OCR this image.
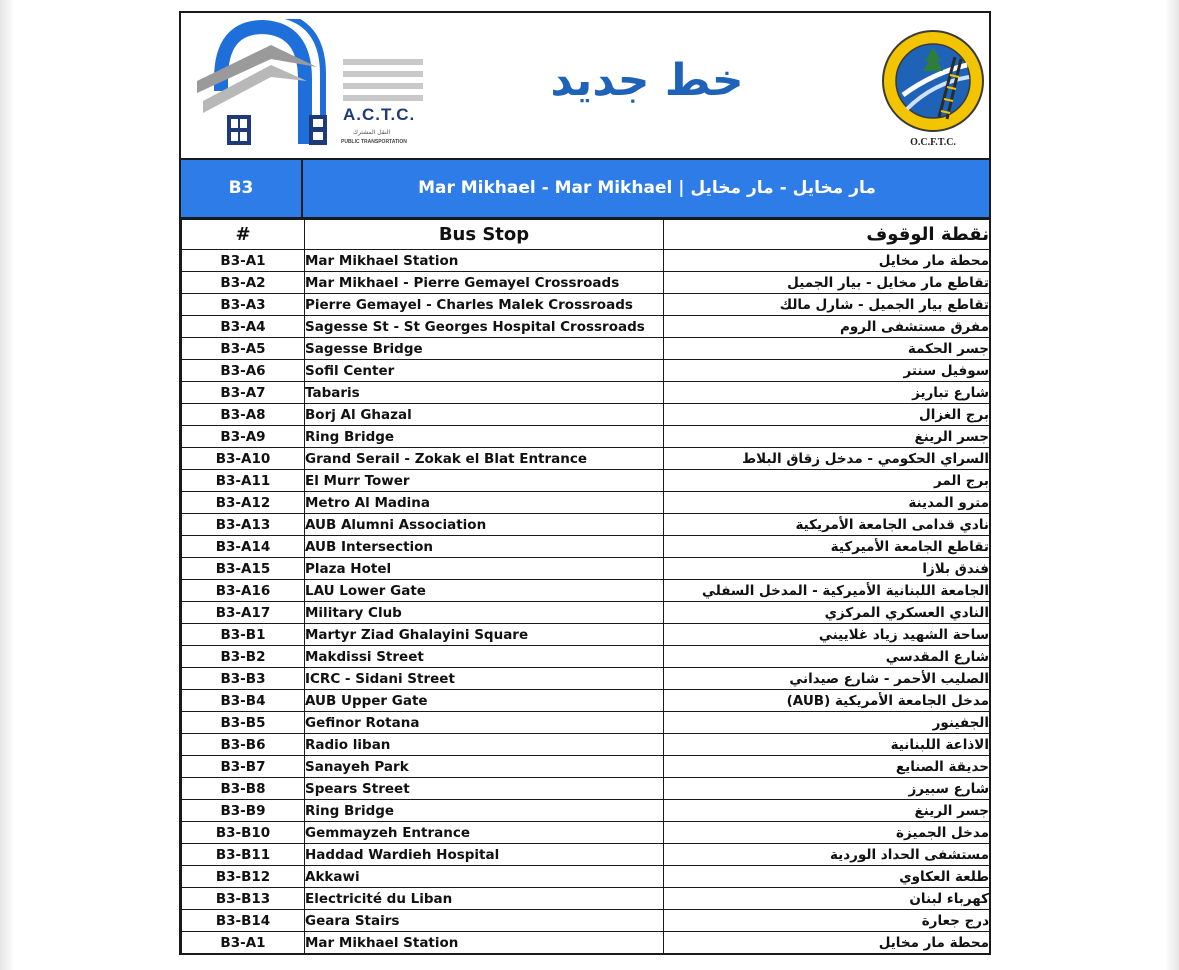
A.C.T.C.
النقل المشترك
PUBLIC TRANSPORTATION
خط جديد
O.C.F.T.C.
B3	Mar Mikhael - Mar Mikhael | مار مخايل - مار مخايل
#	Bus Stop	نقطة الوقوف
B3-A1	Mar Mikhael Station	محطة مار مخايل
B3-A2	Mar Mikhael - Pierre Gemayel Crossroads	تقاطع مار مخايل - بيار الجميل
B3-A3	Pierre Gemayel - Charles Malek Crossroads	تقاطع بيار الجميل - شارل مالك
B3-A4	Sagesse St - St Georges Hospital Crossroads	مفرق مستشفى الروم
B3-A5	Sagesse Bridge	جسر الحكمة
B3-A6	Sofil Center	سوفيل سنتر
B3-A7	Tabaris	شارع تباريز
B3-A8	Borj Al Ghazal	برج الغزال
B3-A9	Ring Bridge	جسر الرينغ
B3-A10	Grand Serail - Zokak el Blat Entrance	السراي الحكومي - مدخل زقاق البلاط
B3-A11	El Murr Tower	برج المر
B3-A12	Metro Al Madina	مترو المدينة
B3-A13	AUB Alumni Association	نادي قدامى الجامعة الأمريكية
B3-A14	AUB Intersection	تقاطع الجامعة الأميركية
B3-A15	Plaza Hotel	فندق بلازا
B3-A16	LAU Lower Gate	الجامعة اللبنانية الأميركية - المدخل السفلي
B3-A17	Military Club	النادي العسكري المركزي
B3-B1	Martyr Ziad Ghalayini Square	ساحة الشهيد زياد غلاييني
B3-B2	Makdissi Street	شارع المقدسي
B3-B3	ICRC - Sidani Street	الصليب الأحمر - شارع صيداني
B3-B4	AUB Upper Gate	مدخل الجامعة الأمريكية (AUB)
B3-B5	Gefinor Rotana	الجفينور
B3-B6	Radio liban	الاذاعة اللبنانية
B3-B7	Sanayeh Park	حديقة الصنايع
B3-B8	Spears Street	شارع سبيرز
B3-B9	Ring Bridge	جسر الرينغ
B3-B10	Gemmayzeh Entrance	مدخل الجميزة
B3-B11	Haddad Wardieh Hospital	مستشفى الحداد الوردية
B3-B12	Akkawi	طلعة العكاوي
B3-B13	Electricité du Liban	كهرباء لبنان
B3-B14	Geara Stairs	درج جعارة
B3-A1	Mar Mikhael Station	محطة مار مخايل
